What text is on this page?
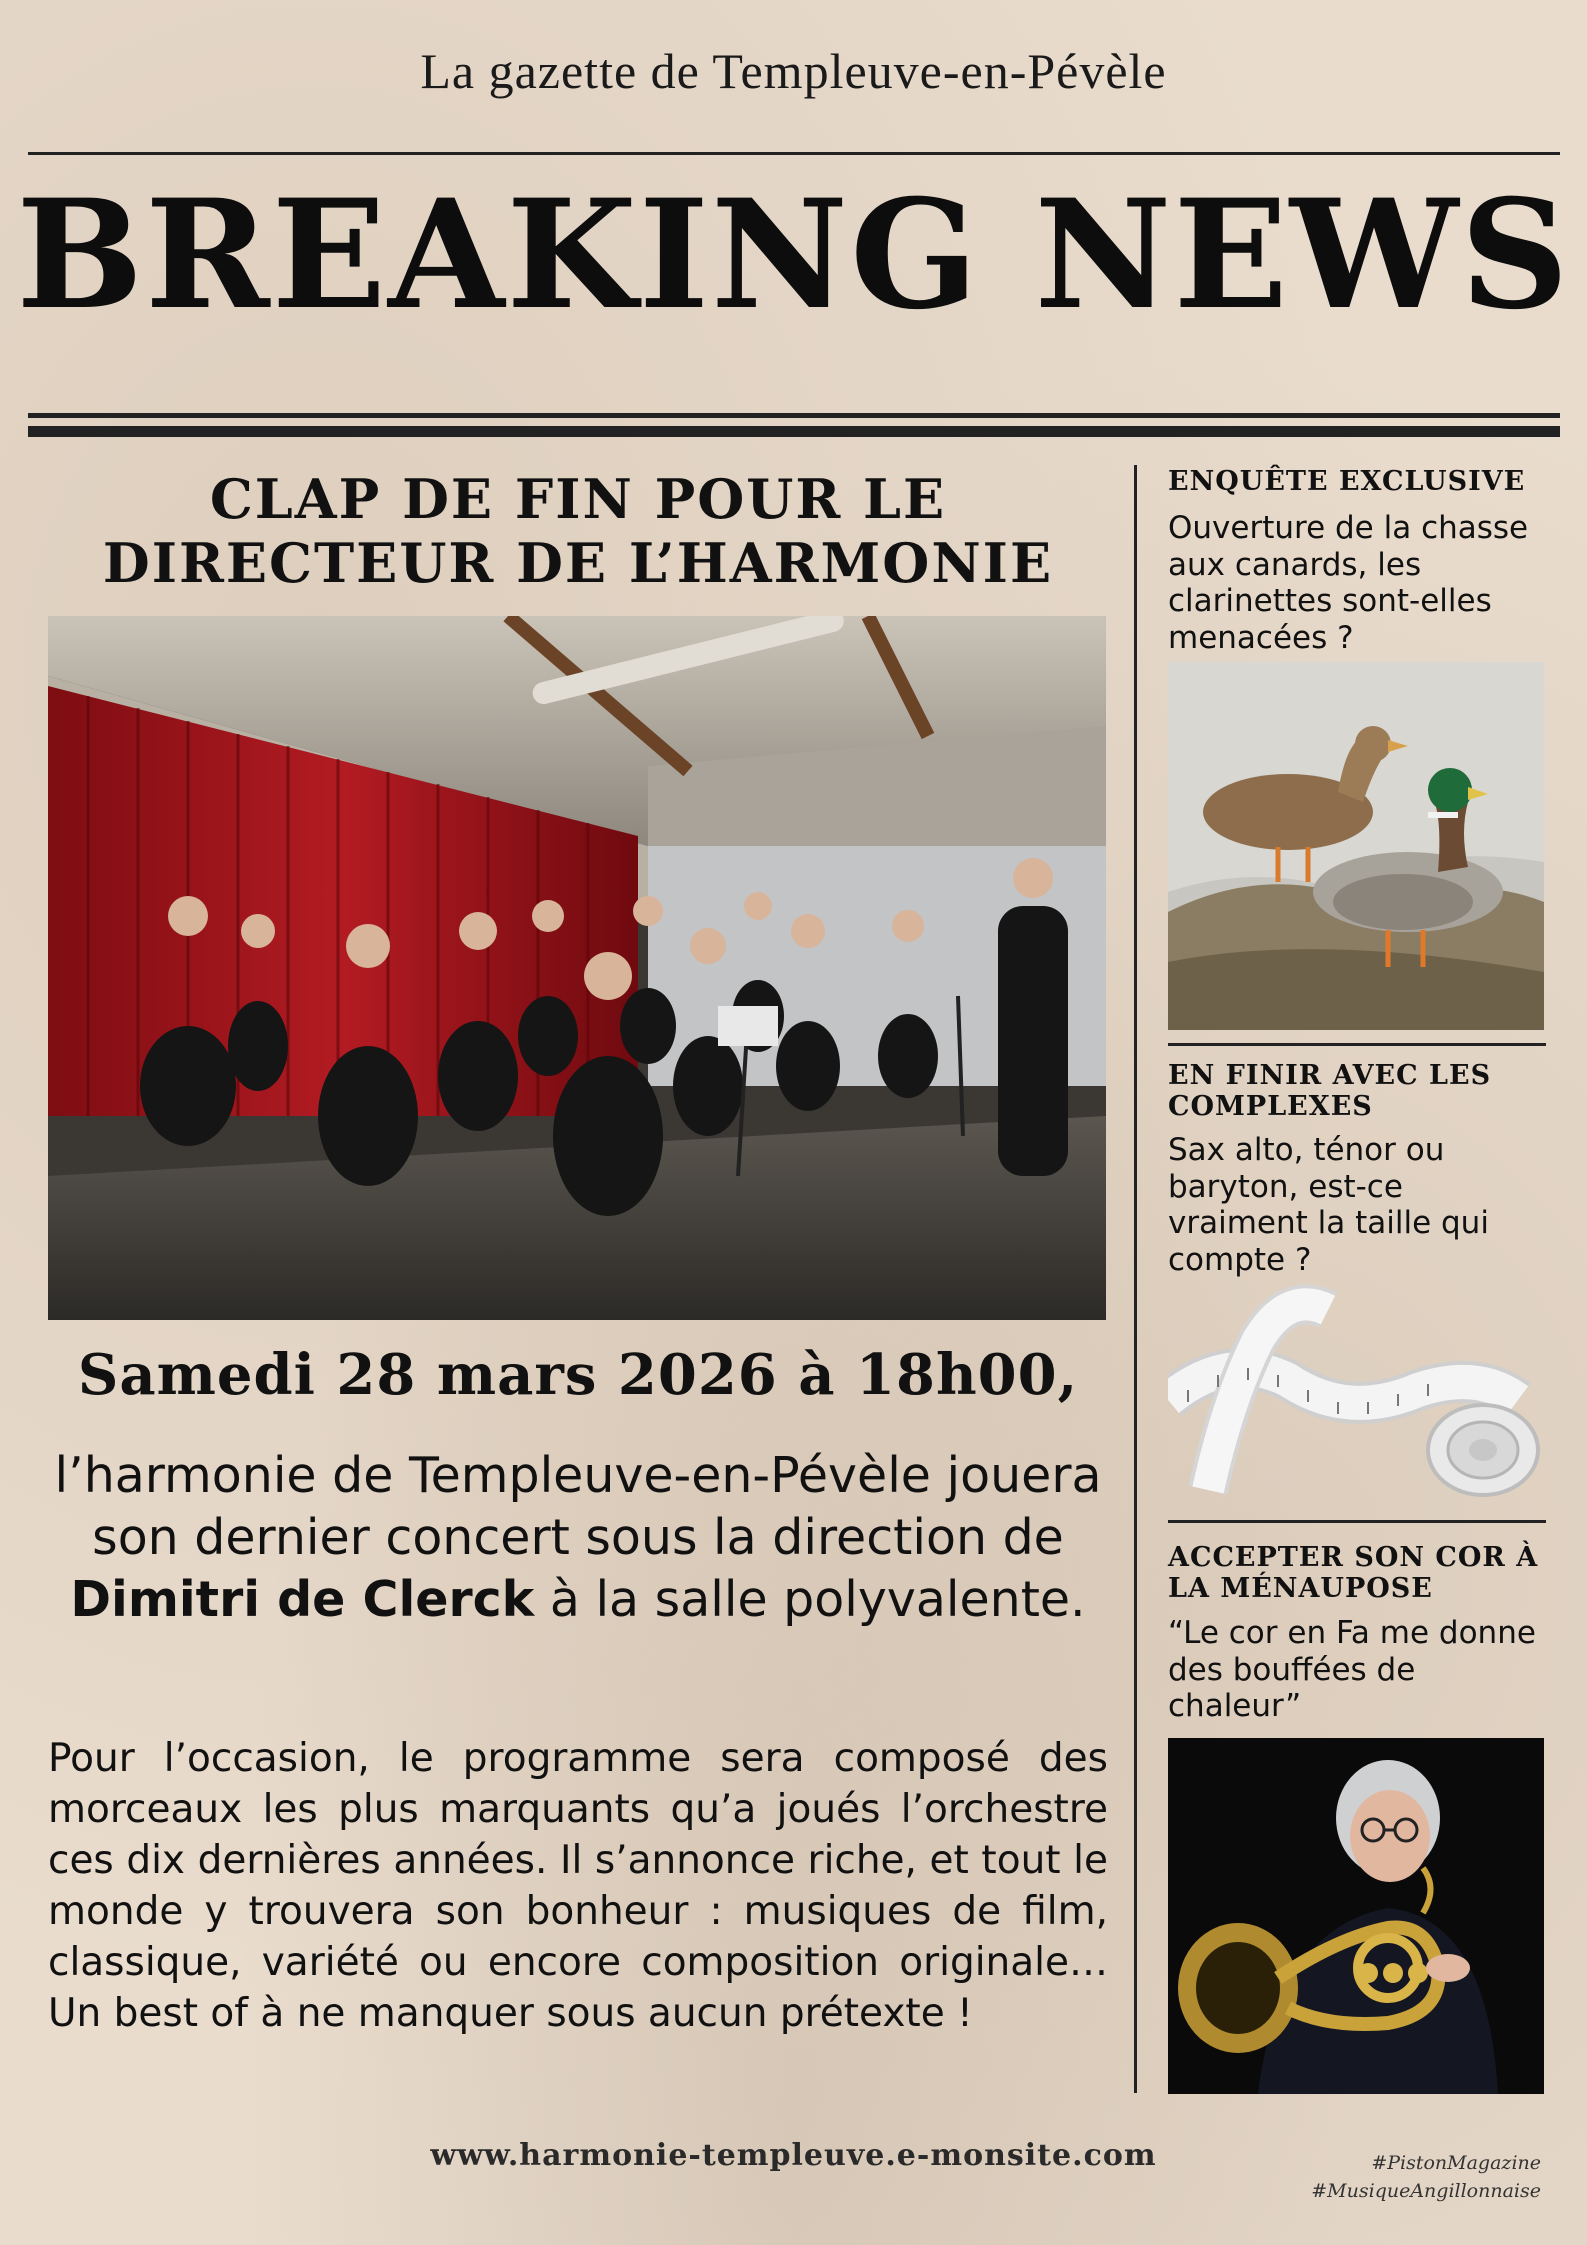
La gazette de Templeuve-en-Pévèle
BREAKING NEWS
CLAP DE FIN POUR LE
DIRECTEUR DE L’HARMONIE
Samedi 28 mars 2026 à 18h00,
l’harmonie de Templeuve-en-Pévèle jouera son dernier concert sous la direction de Dimitri de Clerck à la salle polyvalente.
Pour l’occasion, le programme sera composé des morceaux les plus marquants qu’a joués l’orchestre ces dix dernières années. Il s’annonce riche, et tout le monde y trouvera son bonheur : musiques de film, classique, variété ou encore composition originale… Un best of à ne manquer sous aucun prétexte !
ENQUÊTE EXCLUSIVE
Ouverture de la chasse aux canards, les clarinettes sont-elles menacées ?
EN FINIR AVEC LES COMPLEXES
Sax alto, ténor ou baryton, est-ce vraiment la taille qui compte ?
ACCEPTER SON COR À LA MÉNAUPOSE
“Le cor en Fa me donne des bouffées de chaleur”
www.harmonie-templeuve.e-monsite.com	#PistonMagazine
#MusiqueAngillonnaise
